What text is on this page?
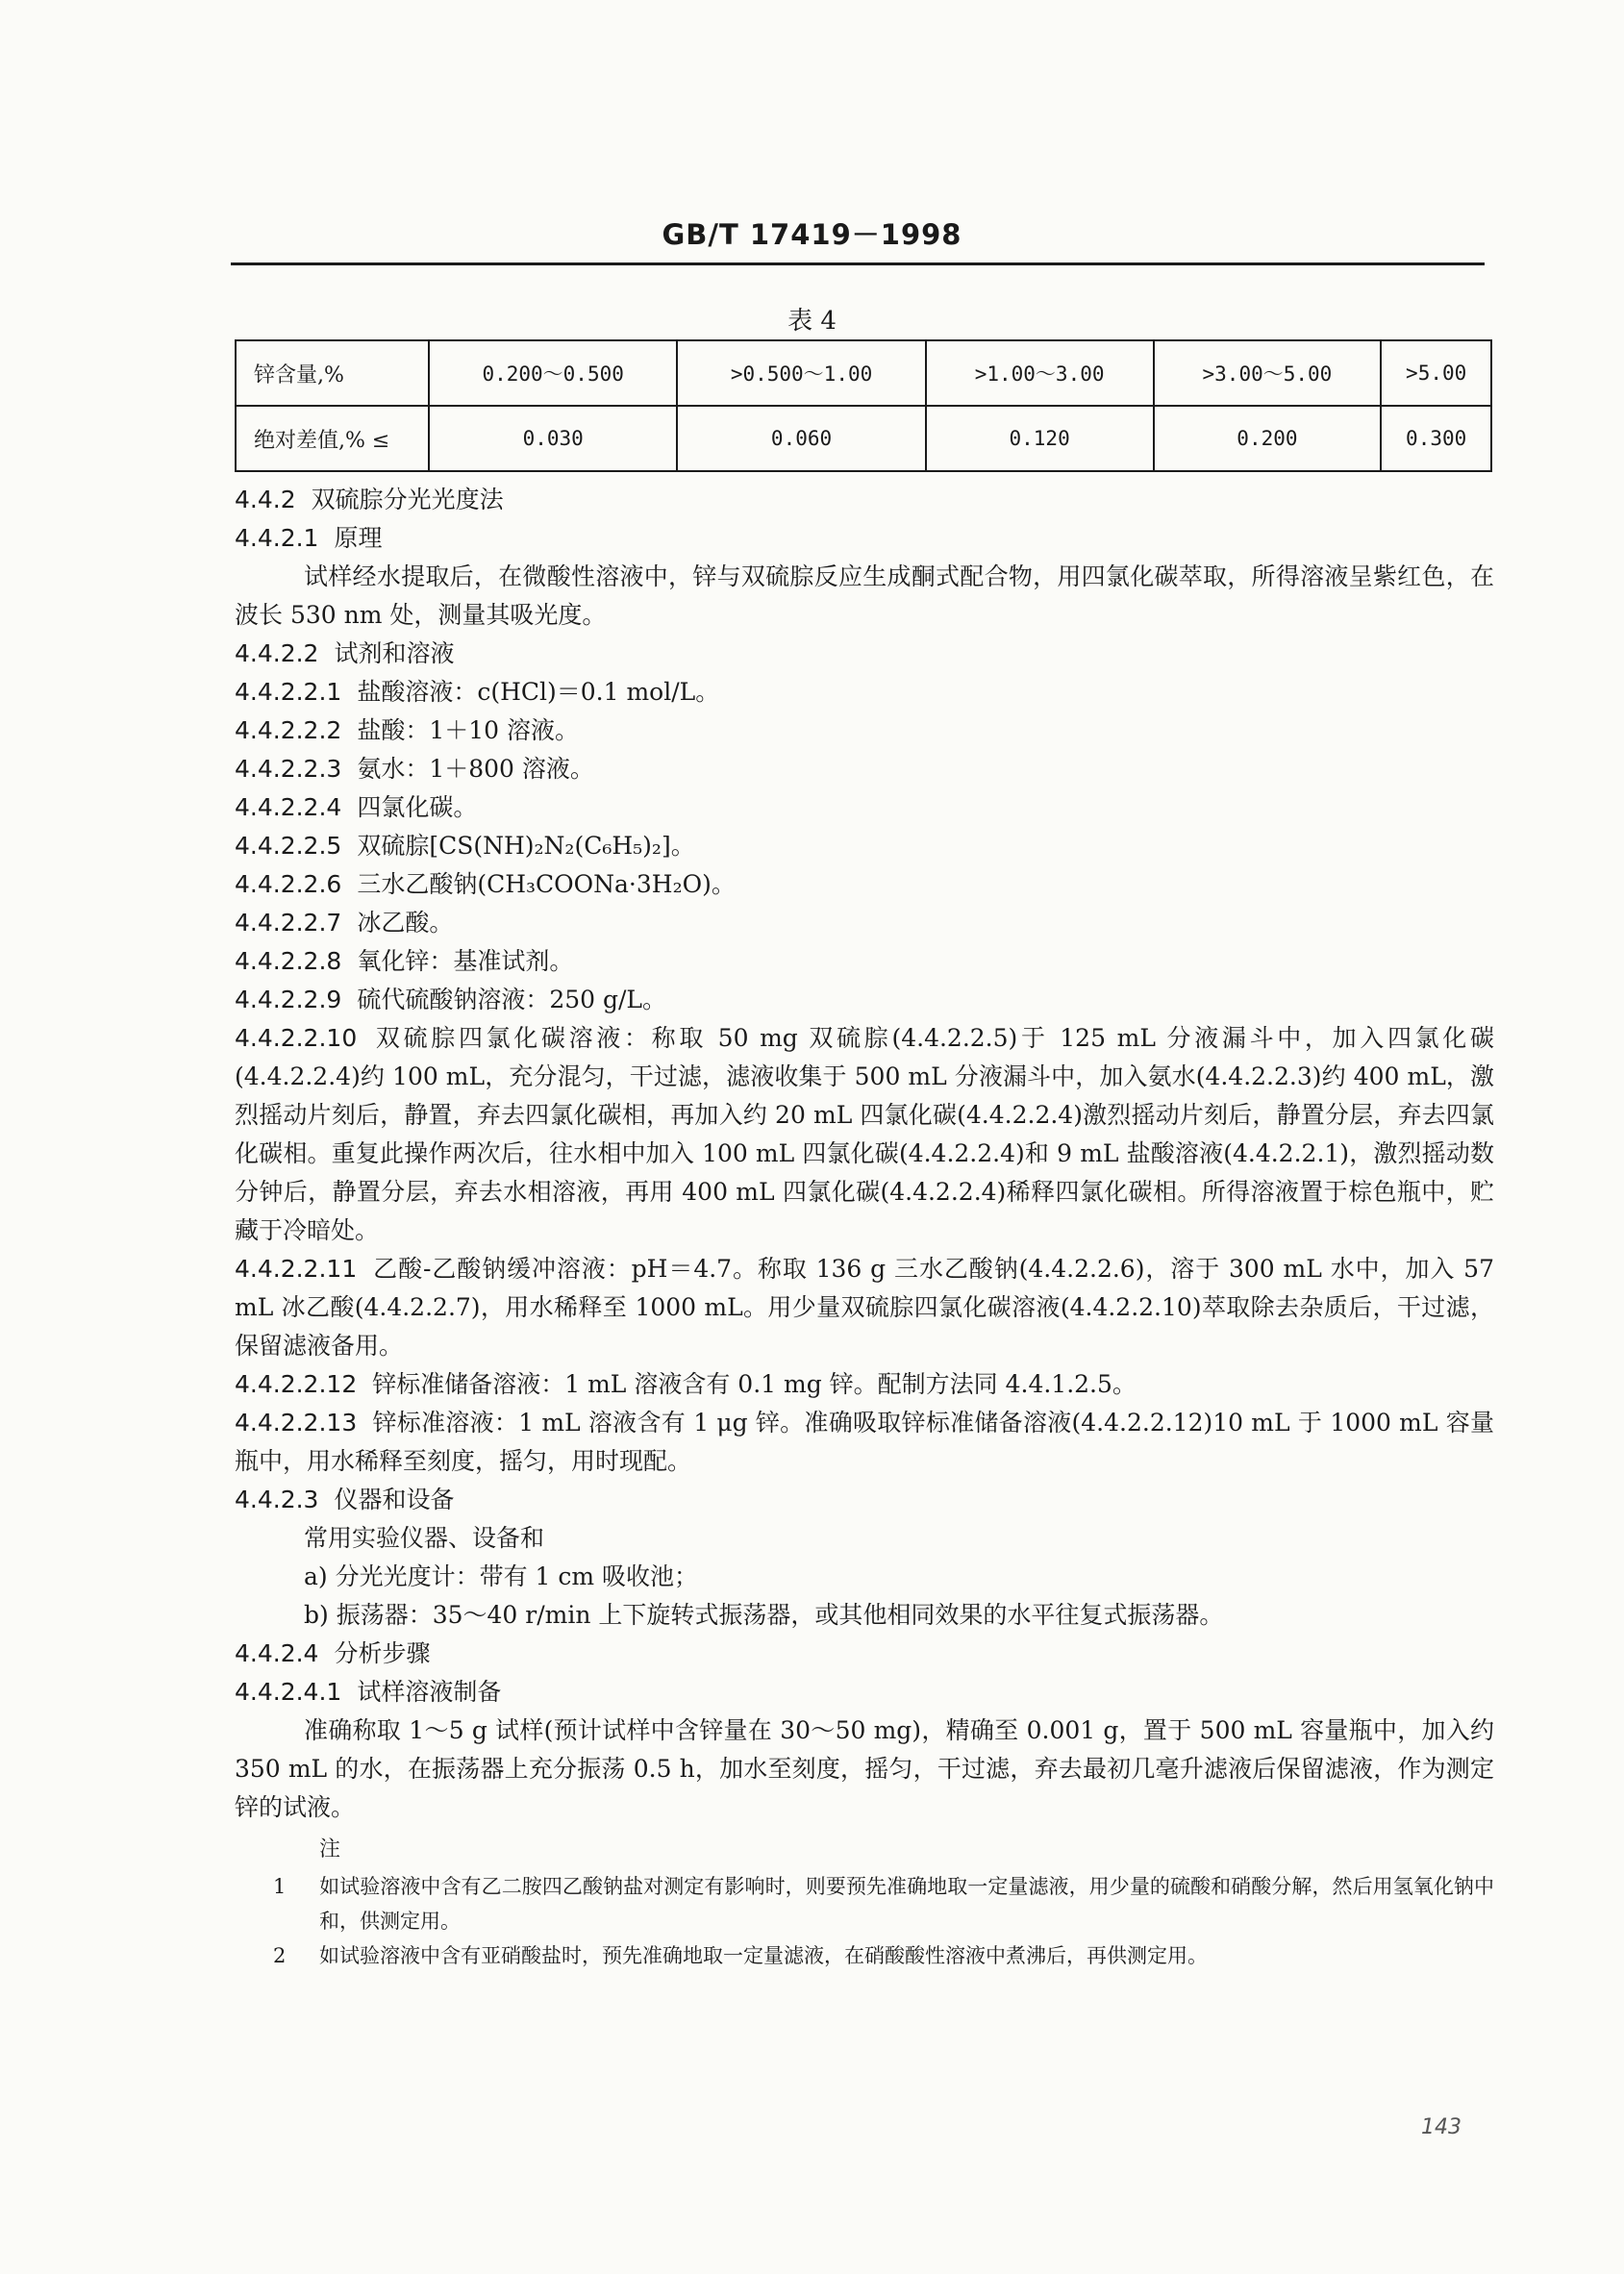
GB/T 17419－1998
表 4
锌含量,%	0.200～0.500	>0.500～1.00	>1.00～3.00	>3.00～5.00	>5.00
绝对差值,% ≤	0.030	0.060	0.120	0.200	0.300

4.4.2 双硫腙分光光度法

4.4.2.1 原理

试样经水提取后，在微酸性溶液中，锌与双硫腙反应生成酮式配合物，用四氯化碳萃取，所得溶液呈紫红色，在波长 530 nm 处，测量其吸光度。

4.4.2.2 试剂和溶液

4.4.2.2.1 盐酸溶液：c(HCl)＝0.1 mol/L。

4.4.2.2.2 盐酸：1＋10 溶液。

4.4.2.2.3 氨水：1＋800 溶液。

4.4.2.2.4 四氯化碳。

4.4.2.2.5 双硫腙[CS(NH)₂N₂(C₆H₅)₂]。

4.4.2.2.6 三水乙酸钠(CH₃COONa·3H₂O)。

4.4.2.2.7 冰乙酸。

4.4.2.2.8 氧化锌：基准试剂。

4.4.2.2.9 硫代硫酸钠溶液：250 g/L。

4.4.2.2.10 双硫腙四氯化碳溶液：称取 50 mg 双硫腙(4.4.2.2.5)于 125 mL 分液漏斗中，加入四氯化碳(4.4.2.2.4)约 100 mL，充分混匀，干过滤，滤液收集于 500 mL 分液漏斗中，加入氨水(4.4.2.2.3)约 400 mL，激烈摇动片刻后，静置，弃去四氯化碳相，再加入约 20 mL 四氯化碳(4.4.2.2.4)激烈摇动片刻后，静置分层，弃去四氯化碳相。重复此操作两次后，往水相中加入 100 mL 四氯化碳(4.4.2.2.4)和 9 mL 盐酸溶液(4.4.2.2.1)，激烈摇动数分钟后，静置分层，弃去水相溶液，再用 400 mL 四氯化碳(4.4.2.2.4)稀释四氯化碳相。所得溶液置于棕色瓶中，贮藏于冷暗处。

4.4.2.2.11 乙酸-乙酸钠缓冲溶液：pH＝4.7。称取 136 g 三水乙酸钠(4.4.2.2.6)，溶于 300 mL 水中，加入 57 mL 冰乙酸(4.4.2.2.7)，用水稀释至 1000 mL。用少量双硫腙四氯化碳溶液(4.4.2.2.10)萃取除去杂质后，干过滤，保留滤液备用。

4.4.2.2.12 锌标准储备溶液：1 mL 溶液含有 0.1 mg 锌。配制方法同 4.4.1.2.5。

4.4.2.2.13 锌标准溶液：1 mL 溶液含有 1 μg 锌。准确吸取锌标准储备溶液(4.4.2.2.12)10 mL 于 1000 mL 容量瓶中，用水稀释至刻度，摇匀，用时现配。

4.4.2.3 仪器和设备

常用实验仪器、设备和

a) 分光光度计：带有 1 cm 吸收池；

b) 振荡器：35～40 r/min 上下旋转式振荡器，或其他相同效果的水平往复式振荡器。

4.4.2.4 分析步骤

4.4.2.4.1 试样溶液制备

准确称取 1～5 g 试样(预计试样中含锌量在 30～50 mg)，精确至 0.001 g，置于 500 mL 容量瓶中，加入约 350 mL 的水，在振荡器上充分振荡 0.5 h，加水至刻度，摇匀，干过滤，弃去最初几毫升滤液后保留滤液，作为测定锌的试液。

注

1 如试验溶液中含有乙二胺四乙酸钠盐对测定有影响时，则要预先准确地取一定量滤液，用少量的硫酸和硝酸分解，然后用氢氧化钠中和，供测定用。

2 如试验溶液中含有亚硝酸盐时，预先准确地取一定量滤液，在硝酸酸性溶液中煮沸后，再供测定用。

143
